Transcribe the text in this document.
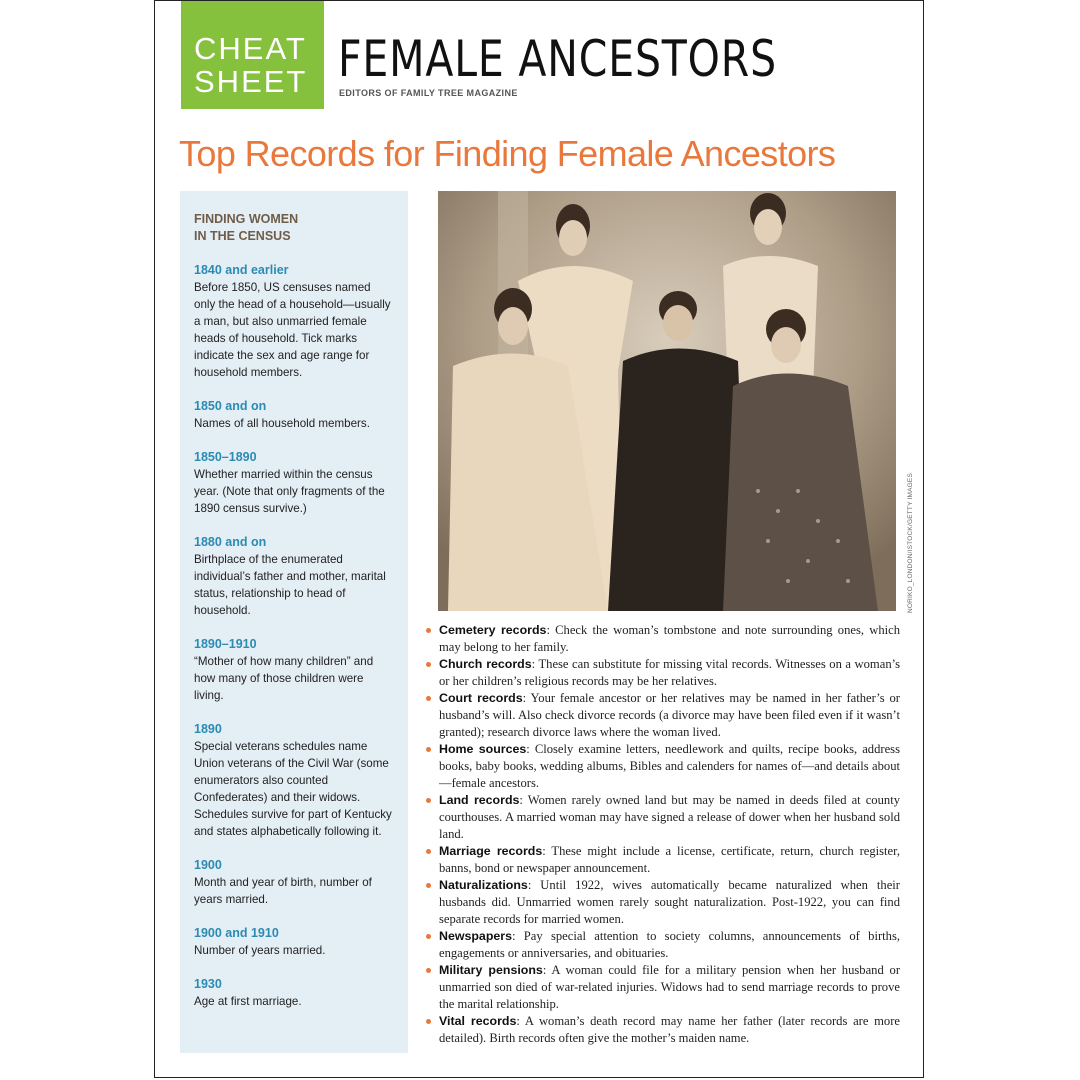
CHEAT
SHEET FEMALE ANCESTORS
EDITORS OF FAMILY TREE MAGAZINE
Top Records for Finding Female Ancestors
FINDING WOMEN
IN THE CENSUS
1840 and earlier
Before 1850, US censuses named only the head of a household—usually a man, but also unmarried female heads of household. Tick marks indicate the sex and age range for household members.
1850 and on
Names of all household members.
1850–1890
Whether married within the census year. (Note that only fragments of the 1890 census survive.)
1880 and on
Birthplace of the enumerated individual’s father and mother, marital status, relationship to head of household.
1890–1910
“Mother of how many children” and how many of those children were living.
1890
Special veterans schedules name Union veterans of the Civil War (some enumerators also counted Confederates) and their widows. Schedules survive for part of Kentucky and states alphabetically following it.
1900
Month and year of birth, number of years married.
1900 and 1910
Number of years married.
1930
Age at first marriage.
NORIKO_LONDON/ISTOCK/GETTY IMAGES
Cemetery records: Check the woman’s tombstone and note surrounding ones, which may belong to her family.
Church records: These can substitute for missing vital records. Witnesses on a woman’s or her children’s religious records may be her relatives.
Court records: Your female ancestor or her relatives may be named in her father’s or husband’s will. Also check divorce records (a divorce may have been filed even if it wasn’t granted); research divorce laws where the woman lived.
Home sources: Closely examine letters, needlework and quilts, recipe books, address books, baby books, wedding albums, Bibles and calenders for names of—and details about—female ancestors.
Land records: Women rarely owned land but may be named in deeds filed at county courthouses. A married woman may have signed a release of dower when her husband sold land.
Marriage records: These might include a license, certificate, return, church register, banns, bond or newspaper announcement.
Naturalizations: Until 1922, wives automatically became naturalized when their husbands did. Unmarried women rarely sought naturalization. Post-1922, you can find separate records for married women.
Newspapers: Pay special attention to society columns, announcements of births, engagements or anniversaries, and obituaries.
Military pensions: A woman could file for a military pension when her husband or unmarried son died of war-related injuries. Widows had to send marriage records to prove the marital relationship.
Vital records: A woman’s death record may name her father (later records are more detailed). Birth records often give the mother’s maiden name.
